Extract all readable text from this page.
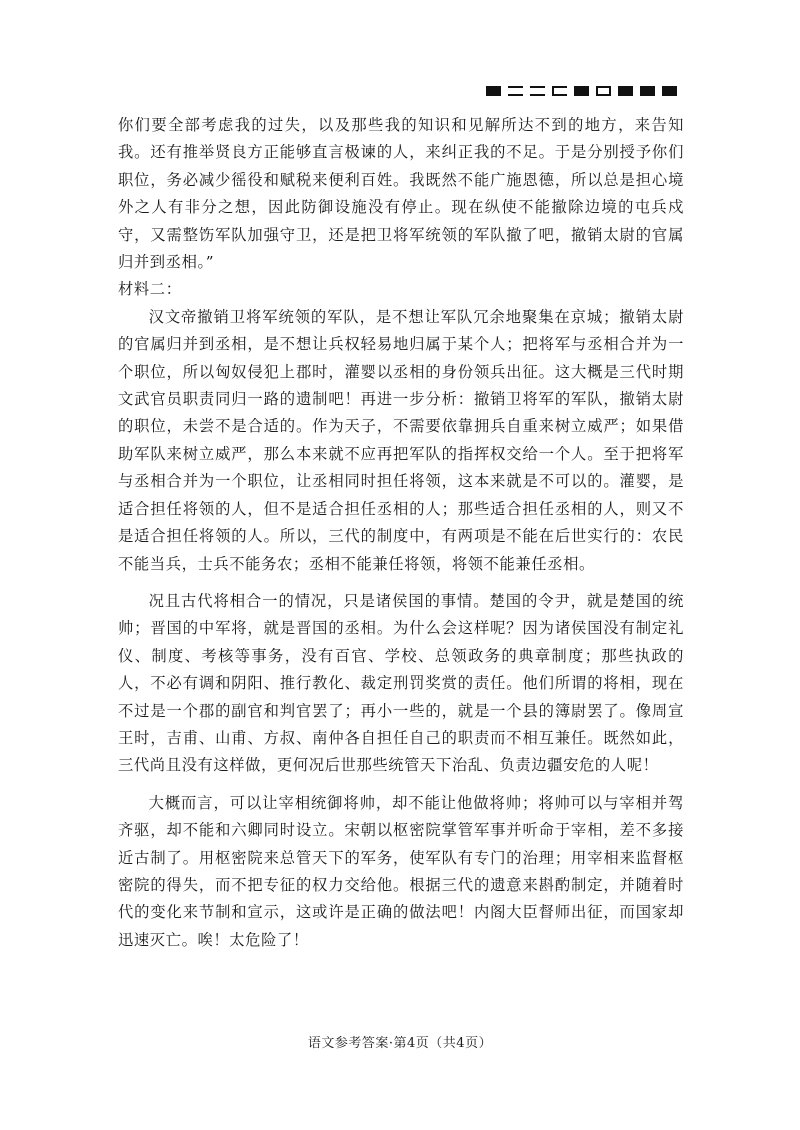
你们要全部考虑我的过失，以及那些我的知识和见解所达不到的地方，来告知我。还有推举贤良方正能够直言极谏的人，来纠正我的不足。于是分别授予你们职位，务必减少徭役和赋税来便利百姓。我既然不能广施恩德，所以总是担心境外之人有非分之想，因此防御设施没有停止。现在纵使不能撤除边境的屯兵戍守，又需整饬军队加强守卫，还是把卫将军统领的军队撤了吧，撤销太尉的官属归并到丞相。”

材料二：

汉文帝撤销卫将军统领的军队，是不想让军队冗余地聚集在京城；撤销太尉的官属归并到丞相，是不想让兵权轻易地归属于某个人；把将军与丞相合并为一个职位，所以匈奴侵犯上郡时，灌婴以丞相的身份领兵出征。这大概是三代时期文武官员职责同归一路的遗制吧！再进一步分析：撤销卫将军的军队，撤销太尉的职位，未尝不是合适的。作为天子，不需要依靠拥兵自重来树立威严；如果借助军队来树立威严，那么本来就不应再把军队的指挥权交给一个人。至于把将军与丞相合并为一个职位，让丞相同时担任将领，这本来就是不可以的。灌婴，是适合担任将领的人，但不是适合担任丞相的人；那些适合担任丞相的人，则又不是适合担任将领的人。所以，三代的制度中，有两项是不能在后世实行的：农民不能当兵，士兵不能务农；丞相不能兼任将领，将领不能兼任丞相。

况且古代将相合一的情况，只是诸侯国的事情。楚国的令尹，就是楚国的统帅；晋国的中军将，就是晋国的丞相。为什么会这样呢？因为诸侯国没有制定礼仪、制度、考核等事务，没有百官、学校、总领政务的典章制度；那些执政的人，不必有调和阴阳、推行教化、裁定刑罚奖赏的责任。他们所谓的将相，现在不过是一个郡的副官和判官罢了；再小一些的，就是一个县的簿尉罢了。像周宣王时，吉甫、山甫、方叔、南仲各自担任自己的职责而不相互兼任。既然如此，三代尚且没有这样做，更何况后世那些统管天下治乱、负责边疆安危的人呢！

大概而言，可以让宰相统御将帅，却不能让他做将帅；将帅可以与宰相并驾齐驱，却不能和六卿同时设立。宋朝以枢密院掌管军事并听命于宰相，差不多接近古制了。用枢密院来总管天下的军务，使军队有专门的治理；用宰相来监督枢密院的得失，而不把专征的权力交给他。根据三代的遗意来斟酌制定，并随着时代的变化来节制和宣示，这或许是正确的做法吧！内阁大臣督师出征，而国家却迅速灭亡。唉！太危险了！

语文参考答案·第4页（共4页）
